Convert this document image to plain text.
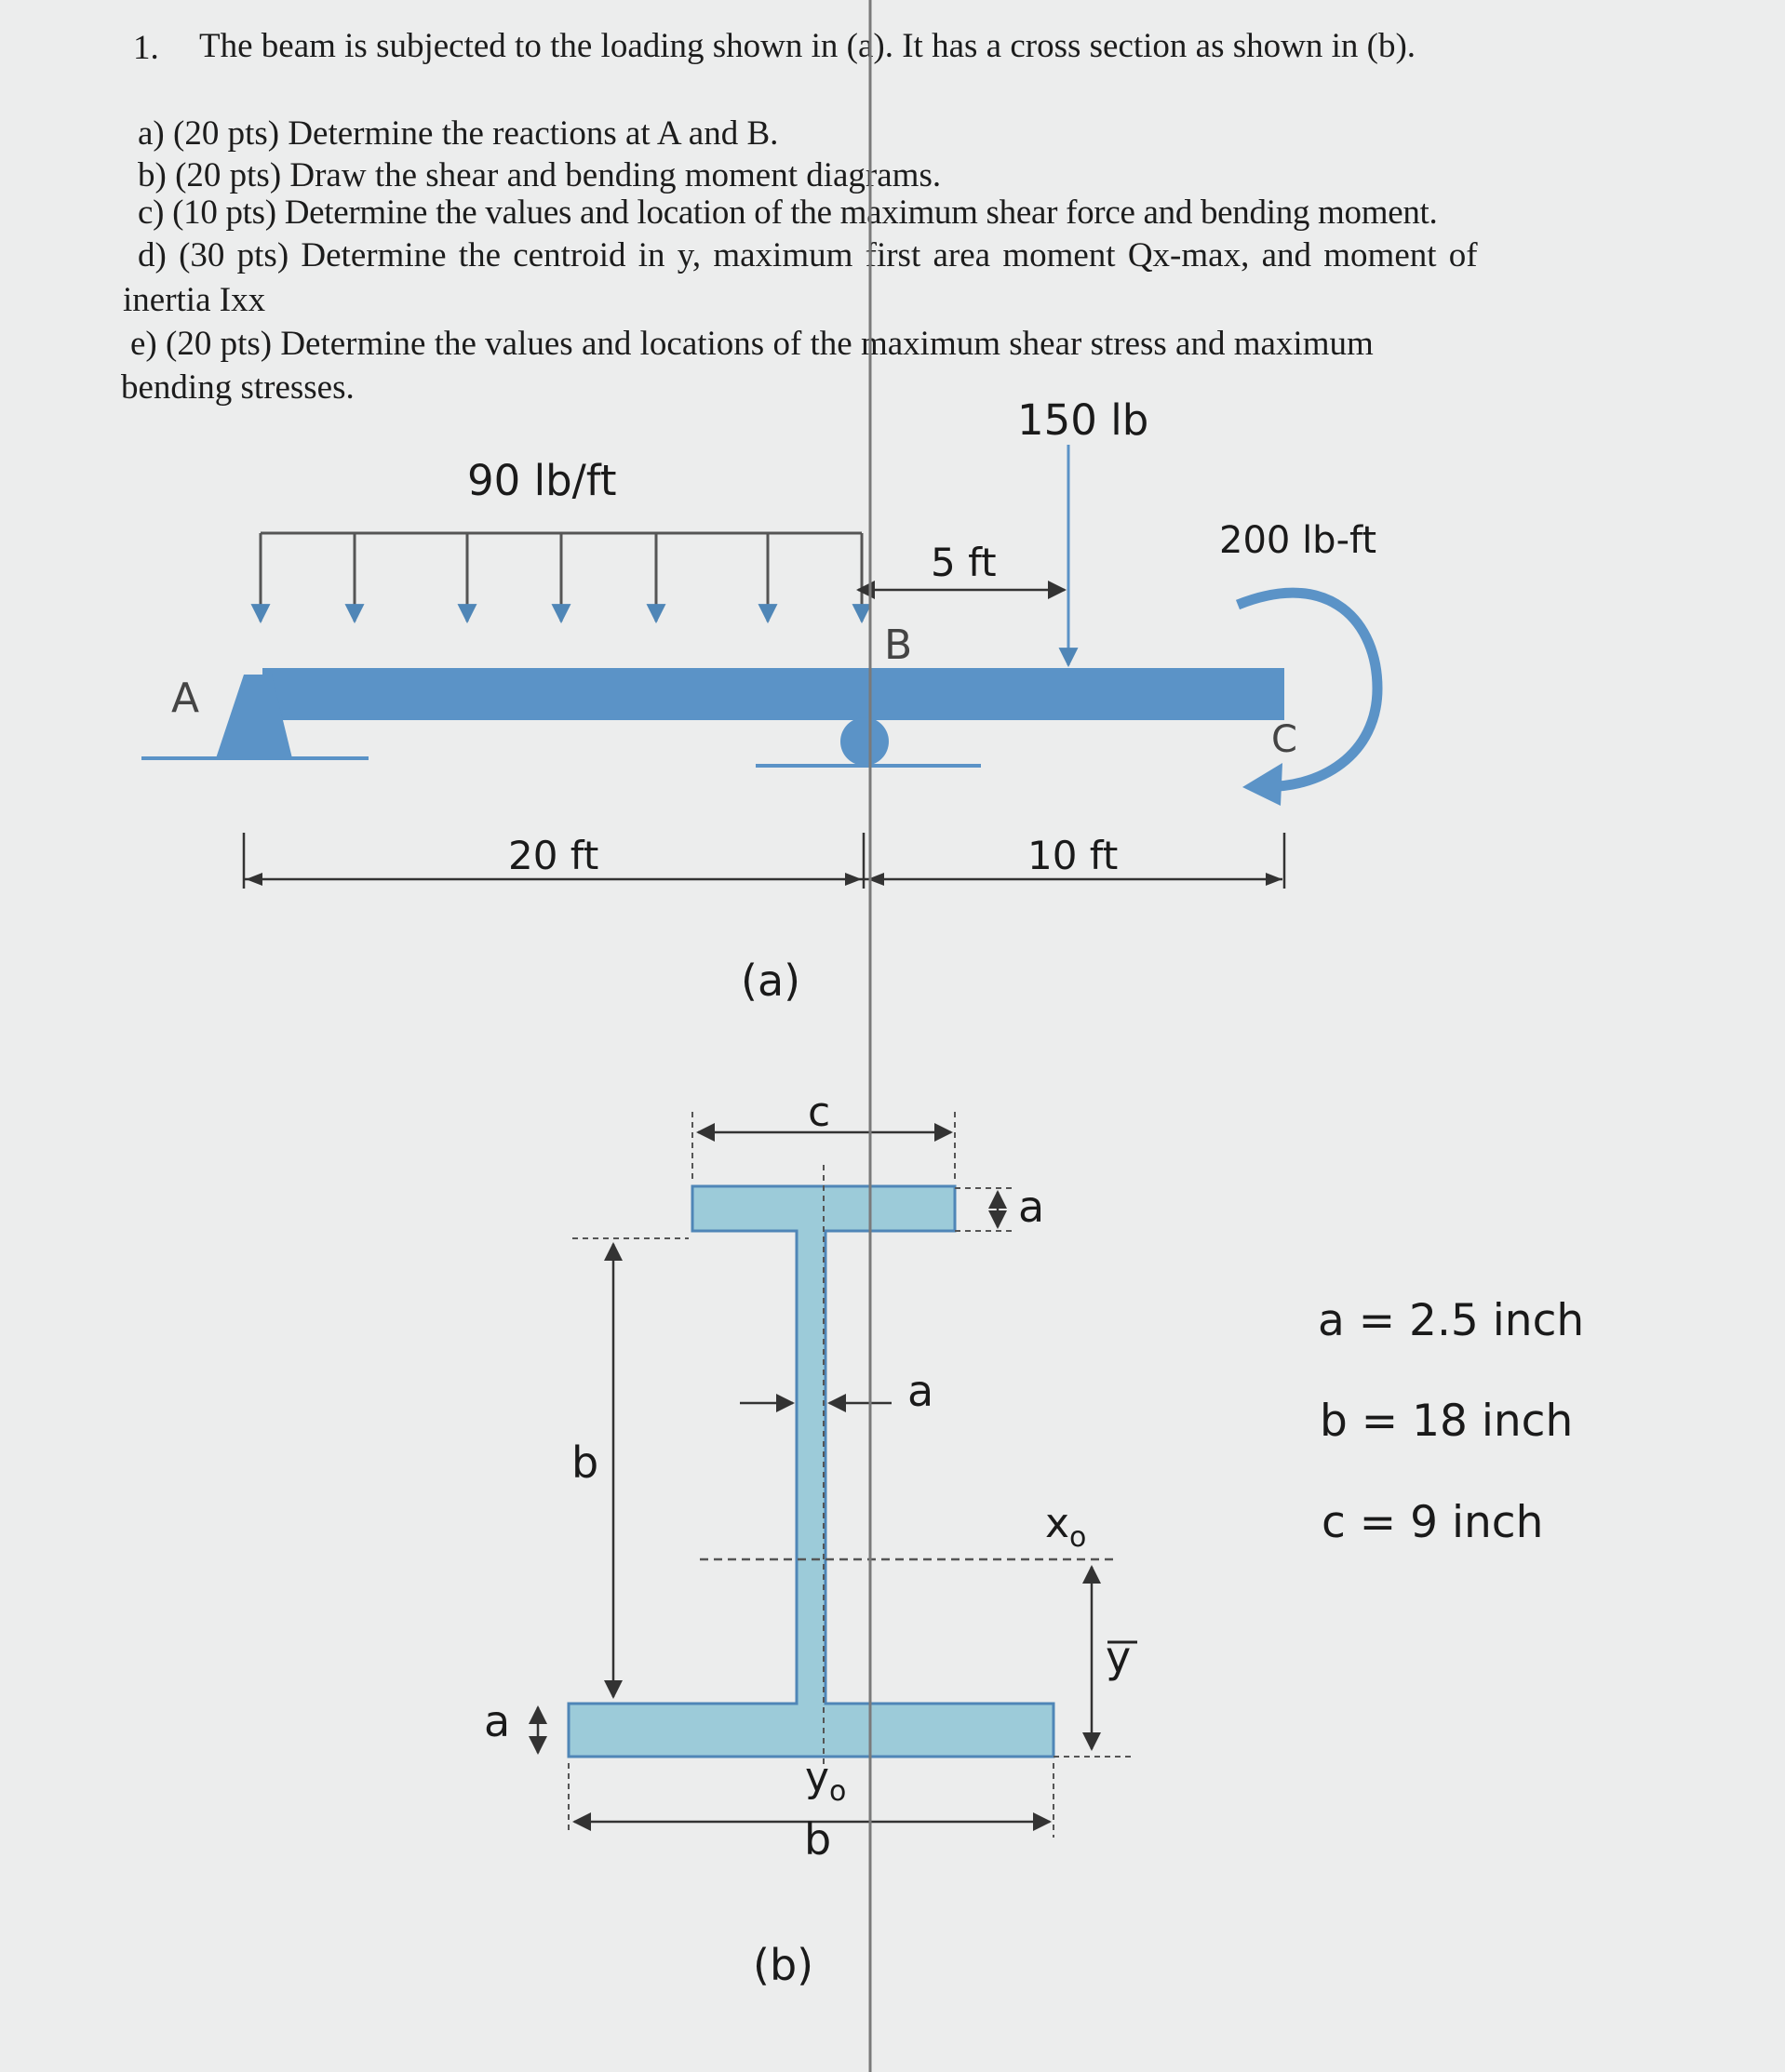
1. The beam is subjected to the loading shown in (a). It has a cross section as shown in (b).
a) (20 pts) Determine the reactions at A and B.
b) (20 pts) Draw the shear and bending moment diagrams.
c) (10 pts) Determine the values and location of the maximum shear force and bending moment.
d) (30 pts) Determine the centroid in y, maximum first area moment Qx-max, and moment of
inertia Ixx
e) (20 pts) Determine the values and locations of the maximum shear stress and maximum
bending stresses.
150 lb
90 lb/ft
200 lb-ft
5 ft
A
B
C
20 ft	10 ft
(a)
c
a
a
b
a
$x_o$
y
$y_o$
b
(b)
a = 2.5 inch
b = 18 inch
c = 9 inch
